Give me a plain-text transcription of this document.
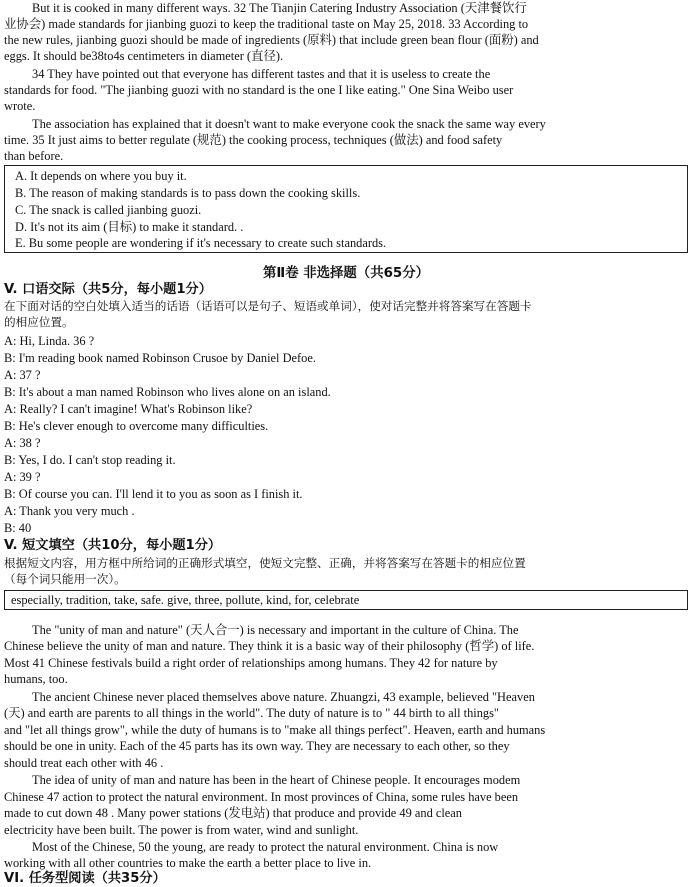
But it is cooked in many different ways. 32 The Tianjin Catering Industry Association (天津餐饮行
业协会) made standards for jianbing guozi to keep the traditional taste on May 25, 2018. 33 According to
the new rules, jianbing guozi should be made of ingredients (原料) that include green bean flour (面粉) and
eggs. It should be38to4s centimeters in diameter (直径).
34 They have pointed out that everyone has different tastes and that it is useless to create the
standards for food. "The jianbing guozi with no standard is the one I like eating." One Sina Weibo user
wrote.
The association has explained that it doesn't want to make everyone cook the snack the same way every
time. 35 It just aims to better regulate (规范) the cooking process, techniques (做法) and food safety
than before.
A. It depends on where you buy it.
B. The reason of making standards is to pass down the cooking skills.
C. The snack is called jianbing guozi.
D. It's not its aim (目标) to make it standard. .
E. Bu some people are wondering if it's necessary to create such standards.
第Ⅱ卷 非选择题（共65分）
V. 口语交际（共5分，每小题1分）
在下面对话的空白处填入适当的话语（话语可以是句子、短语或单词），使对话完整并将答案写在答题卡
的相应位置。
A: Hi, Linda. 36 ?
B: I'm reading book named Robinson Crusoe by Daniel Defoe.
A: 37 ?
B: It's about a man named Robinson who lives alone on an island.
A: Really? I can't imagine! What's Robinson like?
B: He's clever enough to overcome many difficulties.
A: 38 ?
B: Yes, I do. I can't stop reading it.
A: 39 ?
B: Of course you can. I'll lend it to you as soon as I finish it.
A: Thank you very much .
B: 40
V. 短文填空（共10分，每小题1分）
根据短文内容，用方框中所给词的正确形式填空，使短文完整、正确，并将答案写在答题卡的相应位置
（每个词只能用一次）。
especially, tradition, take, safe. give, three, pollute, kind, for, celebrate
The "unity of man and nature" (天人合一) is necessary and important in the culture of China. The
Chinese believe the unity of man and nature. They think it is a basic way of their philosophy (哲学) of life.
Most 41 Chinese festivals build a right order of relationships among humans. They 42 for nature by
humans, too.
The ancient Chinese never placed themselves above nature. Zhuangzi, 43 example, believed "Heaven
(天) and earth are parents to all things in the world". The duty of nature is to " 44 birth to all things"
and "let all things grow", while the duty of humans is to "make all things perfect". Heaven, earth and humans
should be one in unity. Each of the 45 parts has its own way. They are necessary to each other, so they
should treat each other with 46 .
The idea of unity of man and nature has been in the heart of Chinese people. It encourages modem
Chinese 47 action to protect the natural environment. In most provinces of China, some rules have been
made to cut down 48 . Many power stations (发电站) that produce and provide 49 and clean
electricity have been built. The power is from water, wind and sunlight.
Most of the Chinese, 50 the young, are ready to protect the natural environment. China is now
working with all other countries to make the earth a better place to live in.
VI. 任务型阅读（共35分）
